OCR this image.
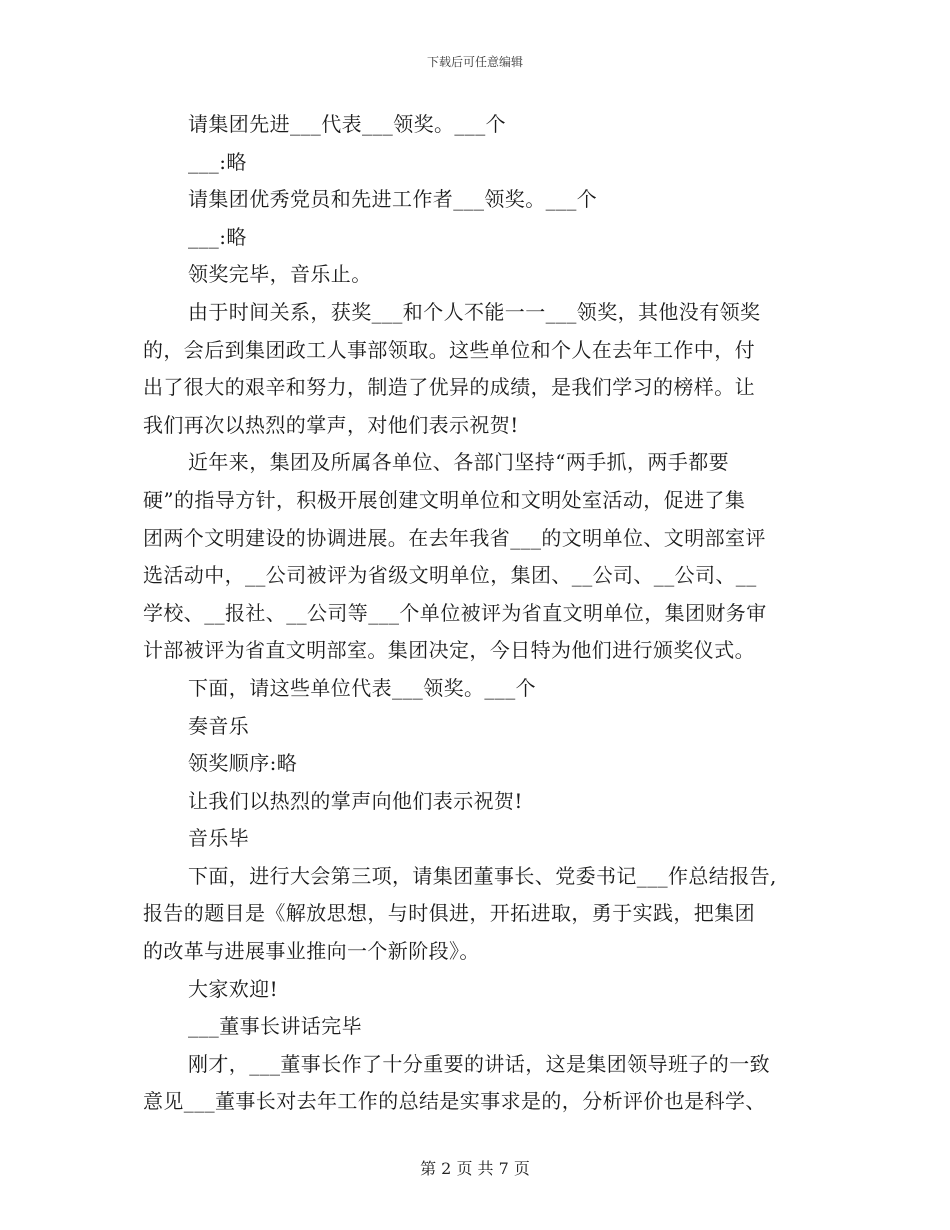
下载后可任意编辑

请集团先进___代表___领奖。___个

___:略

请集团优秀党员和先进工作者___领奖。___个

___:略

领奖完毕，音乐止。

由于时间关系，获奖___和个人不能一一___领奖，其他没有领奖

的，会后到集团政工人事部领取。这些单位和个人在去年工作中，付

出了很大的艰辛和努力，制造了优异的成绩，是我们学习的榜样。让

我们再次以热烈的掌声，对他们表示祝贺!

近年来，集团及所属各单位、各部门坚持“两手抓，两手都要

硬”的指导方针，积极开展创建文明单位和文明处室活动，促进了集

团两个文明建设的协调进展。在去年我省___的文明单位、文明部室评

选活动中，__公司被评为省级文明单位，集团、__公司、__公司、__

学校、__报社、__公司等___个单位被评为省直文明单位，集团财务审

计部被评为省直文明部室。集团决定，今日特为他们进行颁奖仪式。

下面，请这些单位代表___领奖。___个

奏音乐

领奖顺序:略

让我们以热烈的掌声向他们表示祝贺!

音乐毕

下面，进行大会第三项，请集团董事长、党委书记___作总结报告,

报告的题目是《解放思想，与时俱进，开拓进取，勇于实践，把集团

的改革与进展事业推向一个新阶段》。

大家欢迎!

___董事长讲话完毕

刚才，___董事长作了十分重要的讲话，这是集团领导班子的一致

意见___董事长对去年工作的总结是实事求是的，分析评价也是科学、

第 2 页 共 7 页
